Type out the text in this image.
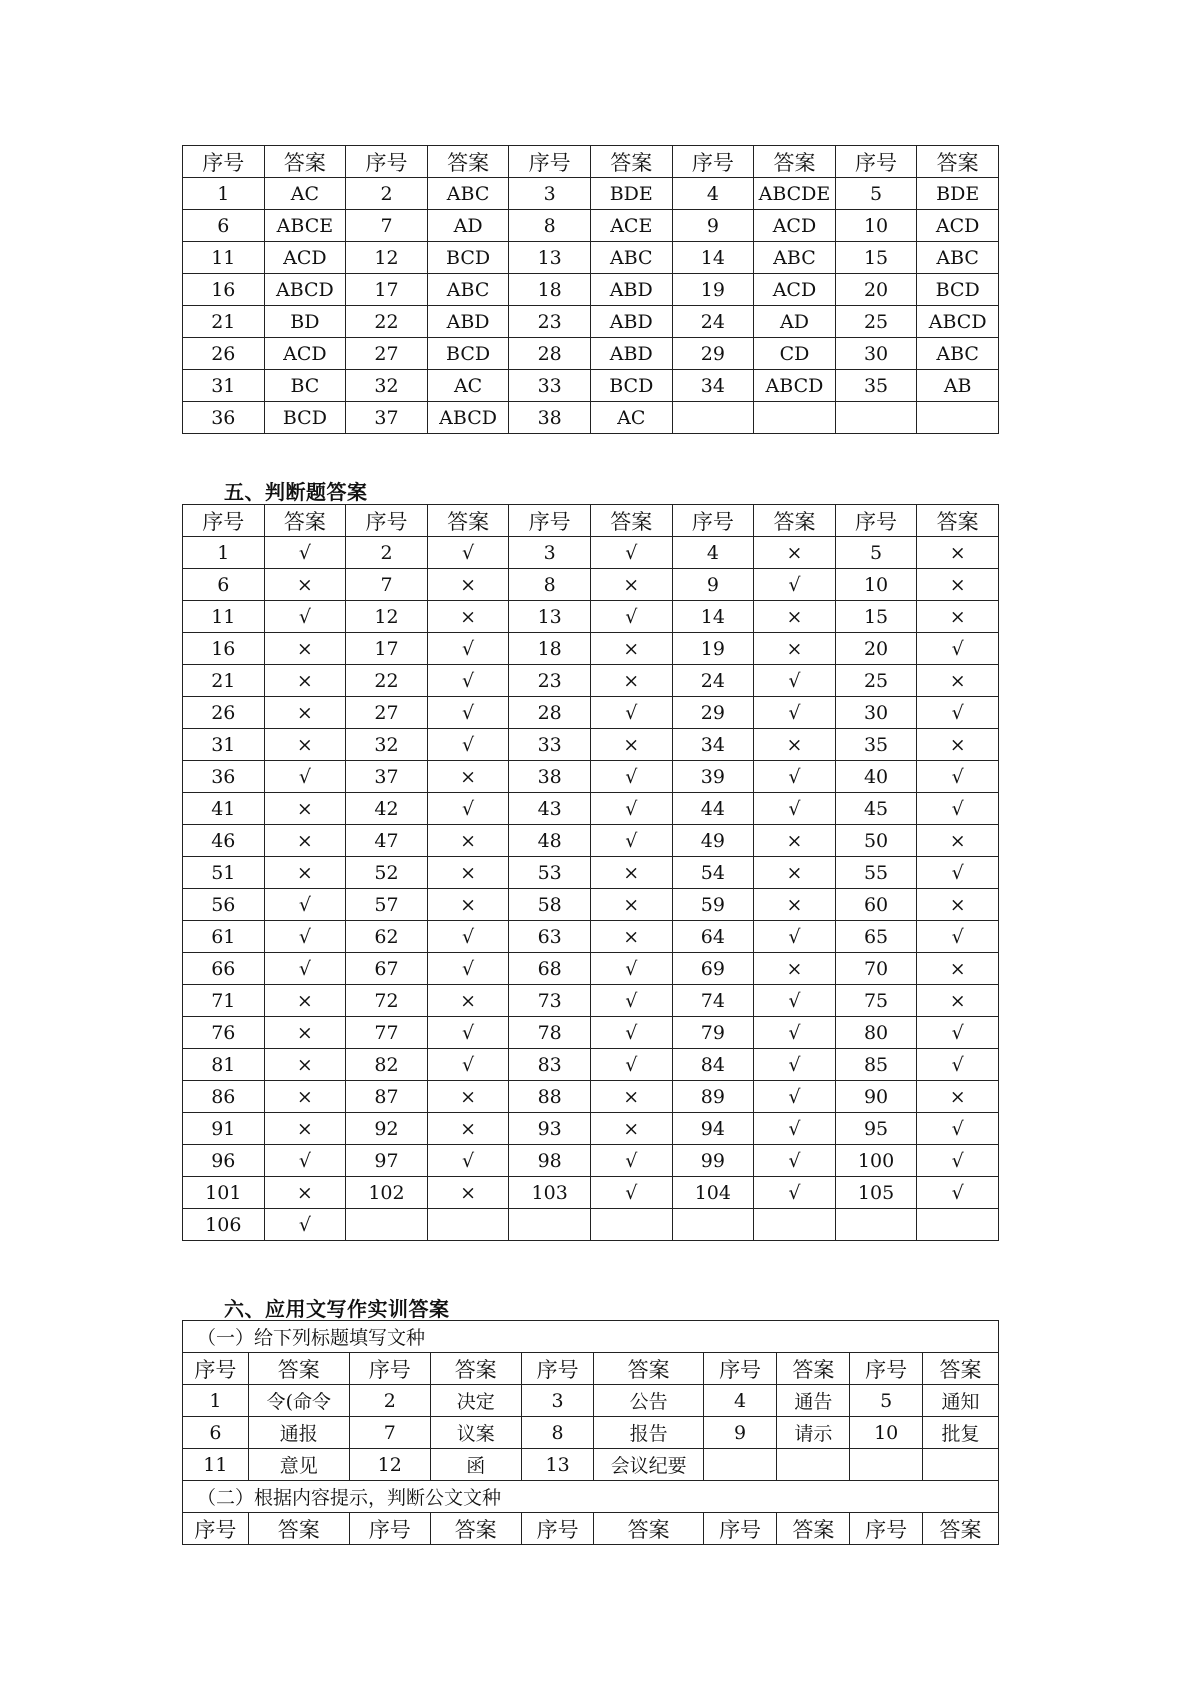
序号	答案	序号	答案	序号	答案	序号	答案	序号	答案
1	AC	2	ABC	3	BDE	4	ABCDE	5	BDE
6	ABCE	7	AD	8	ACE	9	ACD	10	ACD
11	ACD	12	BCD	13	ABC	14	ABC	15	ABC
16	ABCD	17	ABC	18	ABD	19	ACD	20	BCD
21	BD	22	ABD	23	ABD	24	AD	25	ABCD
26	ACD	27	BCD	28	ABD	29	CD	30	ABC
31	BC	32	AC	33	BCD	34	ABCD	35	AB
36	BCD	37	ABCD	38	AC				
五、判断题答案
序号	答案	序号	答案	序号	答案	序号	答案	序号	答案
1	√	2	√	3	√	4	×	5	×
6	×	7	×	8	×	9	√	10	×
11	√	12	×	13	√	14	×	15	×
16	×	17	√	18	×	19	×	20	√
21	×	22	√	23	×	24	√	25	×
26	×	27	√	28	√	29	√	30	√
31	×	32	√	33	×	34	×	35	×
36	√	37	×	38	√	39	√	40	√
41	×	42	√	43	√	44	√	45	√
46	×	47	×	48	√	49	×	50	×
51	×	52	×	53	×	54	×	55	√
56	√	57	×	58	×	59	×	60	×
61	√	62	√	63	×	64	√	65	√
66	√	67	√	68	√	69	×	70	×
71	×	72	×	73	√	74	√	75	×
76	×	77	√	78	√	79	√	80	√
81	×	82	√	83	√	84	√	85	√
86	×	87	×	88	×	89	√	90	×
91	×	92	×	93	×	94	√	95	√
96	√	97	√	98	√	99	√	100	√
101	×	102	×	103	√	104	√	105	√
106	√								
六、应用文写作实训答案
（一）给下列标题填写文种									
序号	答案	序号	答案	序号	答案	序号	答案	序号	答案
1	令(命令	2	决定	3	公告	4	通告	5	通知
6	通报	7	议案	8	报告	9	请示	10	批复
11	意见	12	函	13	会议纪要				
（二）根据内容提示，判断公文文种									
序号	答案	序号	答案	序号	答案	序号	答案	序号	答案
